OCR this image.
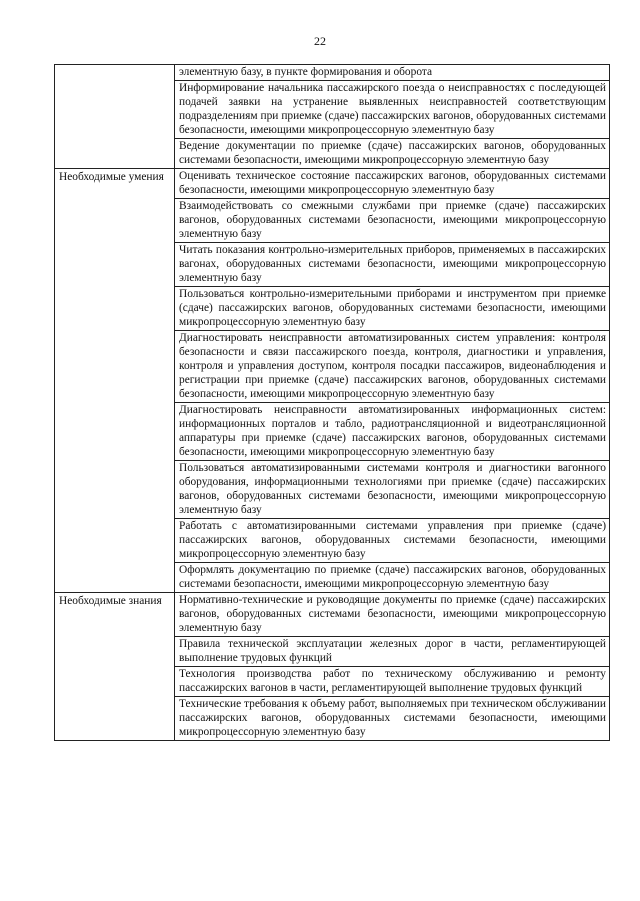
22
	элементную базу, в пункте формирования и оборота
	Информирование начальника пассажирского поезда о неисправностях с последующей подачей заявки на устранение выявленных неисправностей соответствующим подразделениям при приемке (сдаче) пассажирских вагонов, оборудованных системами безопасности, имеющими микропроцессорную элементную базу
	Ведение документации по приемке (сдаче) пассажирских вагонов, оборудованных системами безопасности, имеющими микропроцессорную элементную базу
Необходимые умения	Оценивать техническое состояние пассажирских вагонов, оборудованных системами безопасности, имеющими микропроцессорную элементную базу
	Взаимодействовать со смежными службами при приемке (сдаче) пассажирских вагонов, оборудованных системами безопасности, имеющими микропроцессорную элементную базу
	Читать показания контрольно-измерительных приборов, применяемых в пассажирских вагонах, оборудованных системами безопасности, имеющими микропроцессорную элементную базу
	Пользоваться контрольно-измерительными приборами и инструментом при приемке (сдаче) пассажирских вагонов, оборудованных системами безопасности, имеющими микропроцессорную элементную базу
	Диагностировать неисправности автоматизированных систем управления: контроля безопасности и связи пассажирского поезда, контроля, диагностики и управления, контроля и управления доступом, контроля посадки пассажиров, видеонаблюдения и регистрации при приемке (сдаче) пассажирских вагонов, оборудованных системами безопасности, имеющими микропроцессорную элементную базу
	Диагностировать неисправности автоматизированных информационных систем: информационных порталов и табло, радиотрансляционной и видеотрансляционной аппаратуры при приемке (сдаче) пассажирских вагонов, оборудованных системами безопасности, имеющими микропроцессорную элементную базу
	Пользоваться автоматизированными системами контроля и диагностики вагонного оборудования, информационными технологиями при приемке (сдаче) пассажирских вагонов, оборудованных системами безопасности, имеющими микропроцессорную элементную базу
	Работать с автоматизированными системами управления при приемке (сдаче) пассажирских вагонов, оборудованных системами безопасности, имеющими микропроцессорную элементную базу
	Оформлять документацию по приемке (сдаче) пассажирских вагонов, оборудованных системами безопасности, имеющими микропроцессорную элементную базу
Необходимые знания	Нормативно-технические и руководящие документы по приемке (сдаче) пассажирских вагонов, оборудованных системами безопасности, имеющими микропроцессорную элементную базу
	Правила технической эксплуатации железных дорог в части, регламентирующей выполнение трудовых функций
	Технология производства работ по техническому обслуживанию и ремонту пассажирских вагонов в части, регламентирующей выполнение трудовых функций
	Технические требования к объему работ, выполняемых при техническом обслуживании пассажирских вагонов, оборудованных системами безопасности, имеющими микропроцессорную элементную базу
